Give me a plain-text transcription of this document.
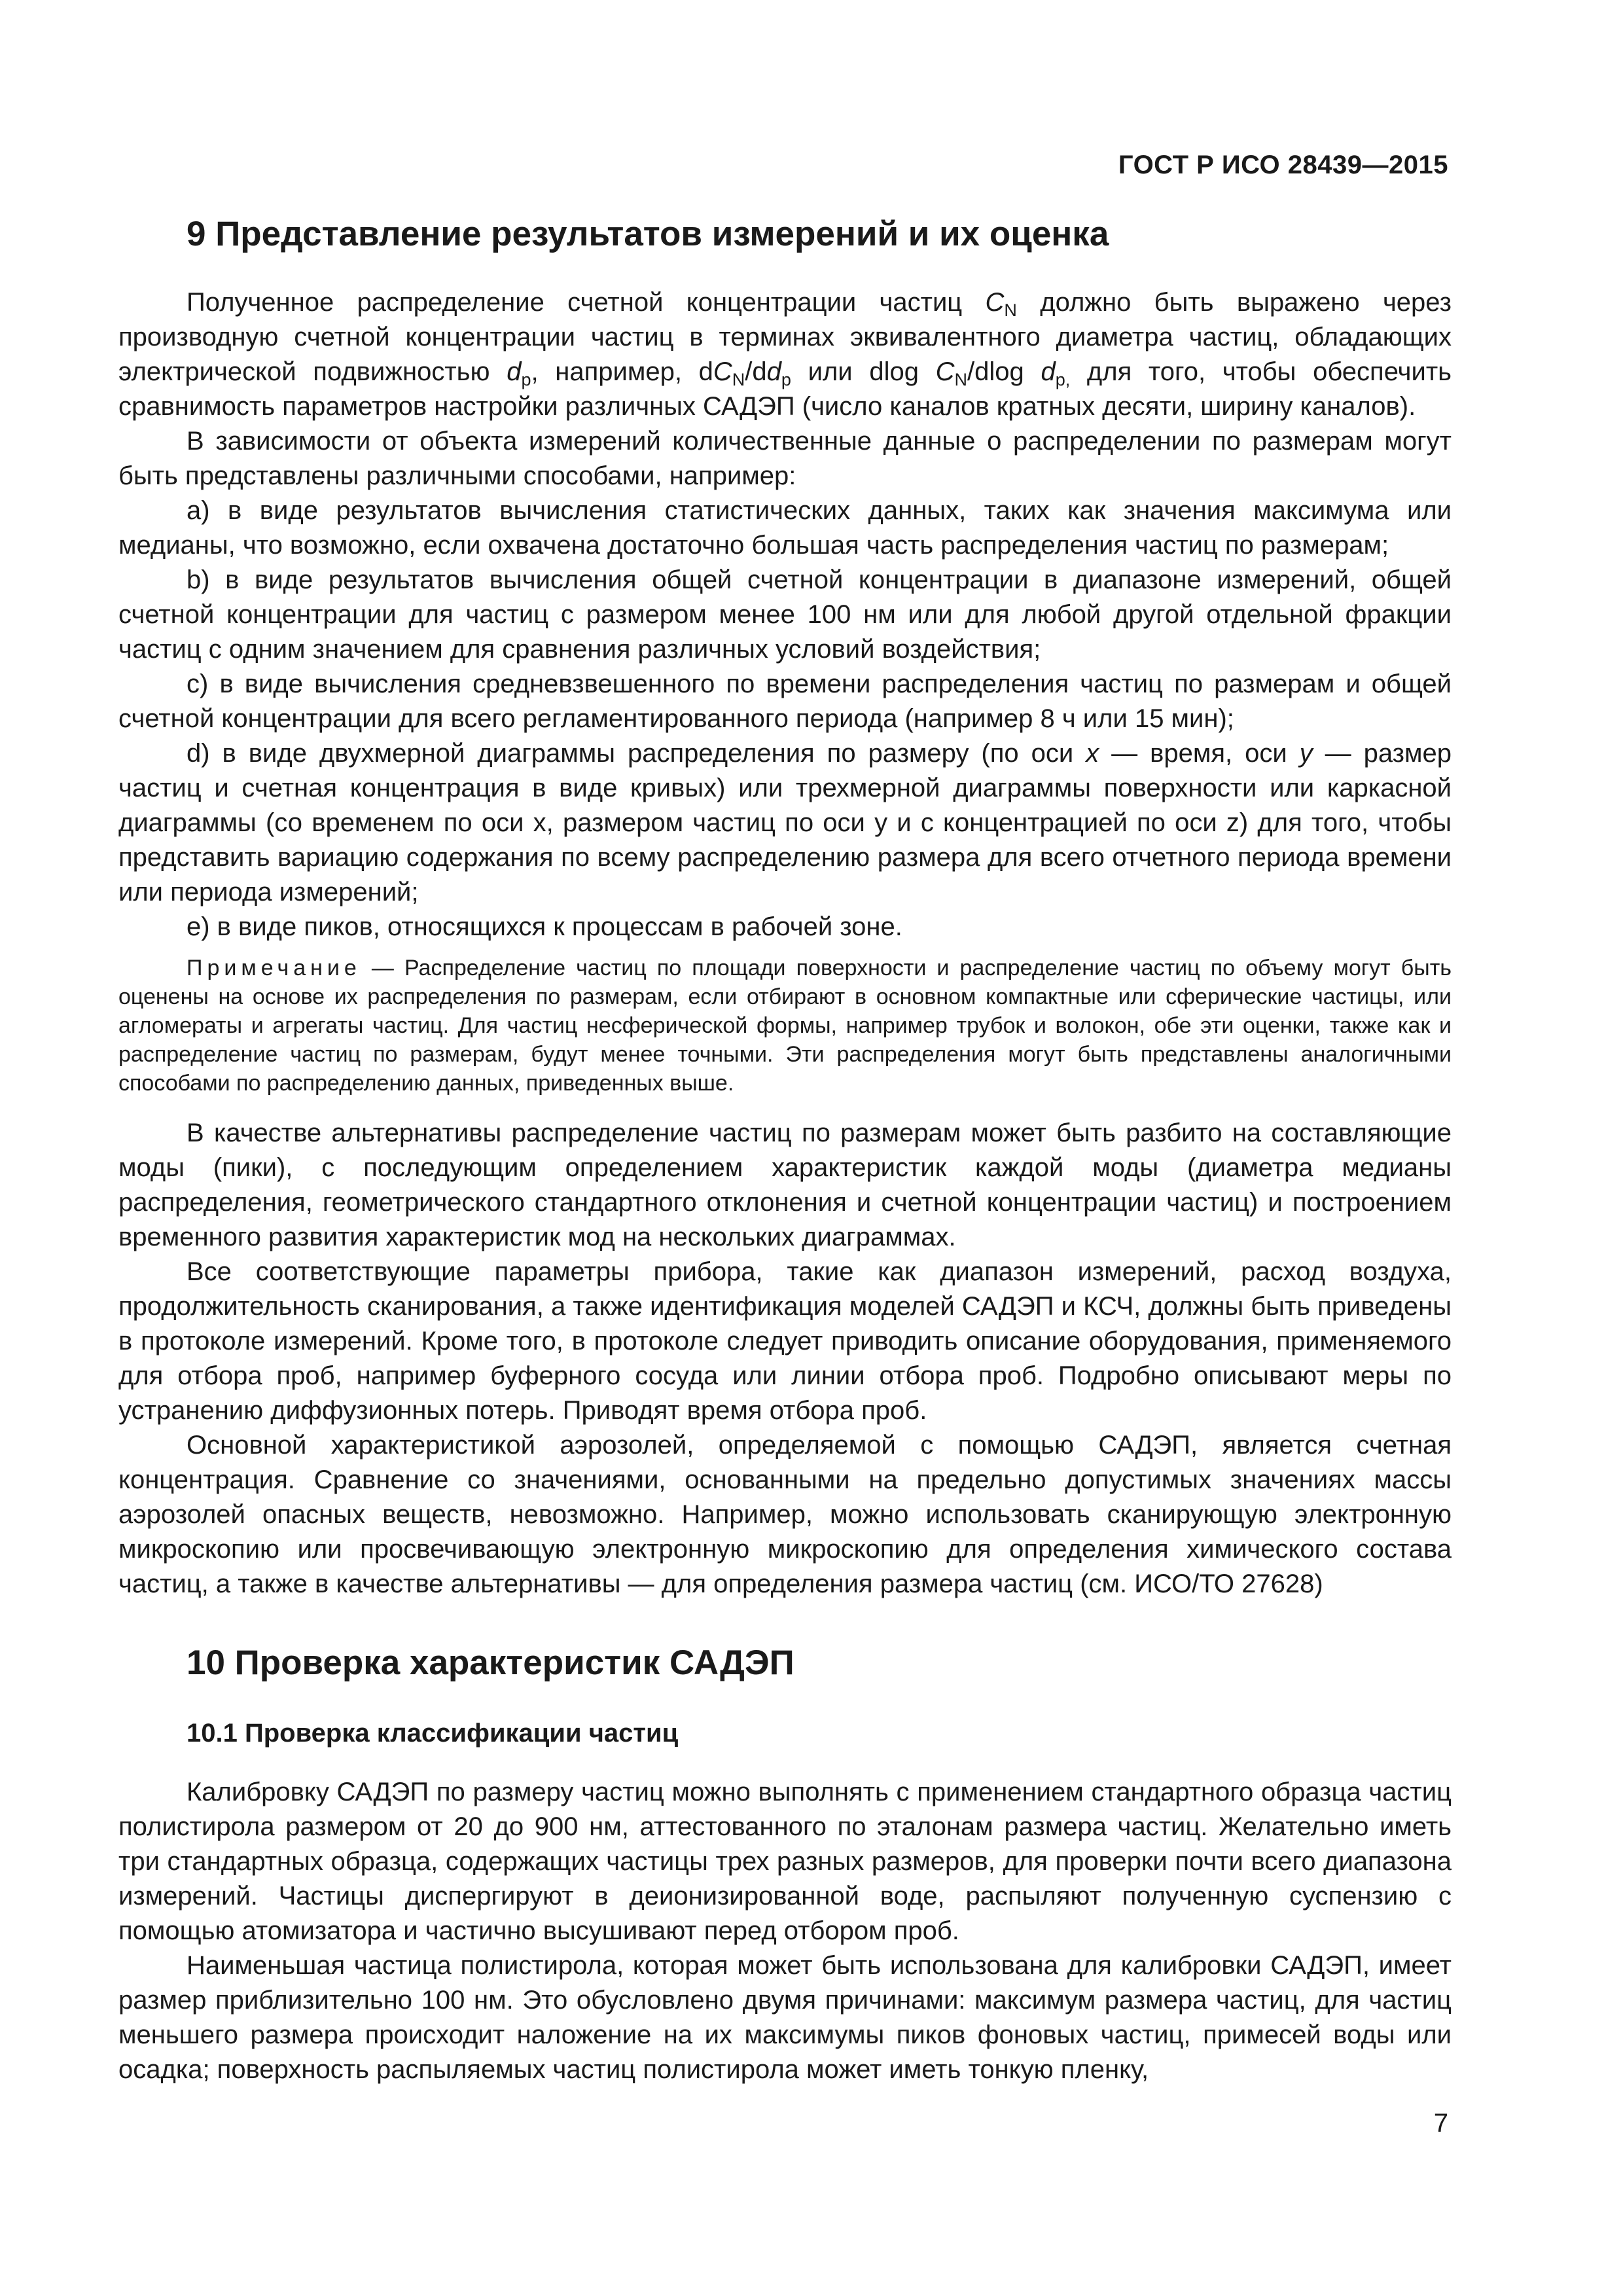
ГОСТ Р ИСО 28439—2015
9 Представление результатов измерений и их оценка

Полученное распределение счетной концентрации частиц $C_N$ должно быть выражено через производную счетной концентрации частиц в терминах эквивалентного диаметра частиц, обладающих электрической подвижностью $d_p$, например, $dC_N/dd_p$ или dlog $C_N$/dlog $d_{p,}$ для того, чтобы обеспечить сравнимость параметров настройки различных САДЭП (число каналов кратных десяти, ширину каналов).

В зависимости от объекта измерений количественные данные о распределении по размерам могут быть представлены различными способами, например:

а) в виде результатов вычисления статистических данных, таких как значения максимума или медианы, что возможно, если охвачена достаточно большая часть распределения частиц по размерам;

b) в виде результатов вычисления общей счетной концентрации в диапазоне измерений, общей счетной концентрации для частиц с размером менее 100 нм или для любой другой отдельной фракции частиц с одним значением для сравнения различных условий воздействия;

с) в виде вычисления средневзвешенного по времени распределения частиц по размерам и общей счетной концентрации для всего регламентированного периода (например 8 ч или 15 мин);

d) в виде двухмерной диаграммы распределения по размеру (по оси х — время, оси у — размер частиц и счетная концентрация в виде кривых) или трехмерной диаграммы поверхности или каркасной диаграммы (со временем по оси х, размером частиц по оси у и с концентрацией по оси z) для того, чтобы представить вариацию содержания по всему распределению размера для всего отчетного периода времени или периода измерений;

е) в виде пиков, относящихся к процессам в рабочей зоне.

Примечание — Распределение частиц по площади поверхности и распределение частиц по объему могут быть оценены на основе их распределения по размерам, если отбирают в основном компактные или сферические частицы, или агломераты и агрегаты частиц. Для частиц несферической формы, например трубок и волокон, обе эти оценки, также как и распределение частиц по размерам, будут менее точными. Эти распределения могут быть представлены аналогичными способами по распределению данных, приведенных выше.

В качестве альтернативы распределение частиц по размерам может быть разбито на составляющие моды (пики), с последующим определением характеристик каждой моды (диаметра медианы распределения, геометрического стандартного отклонения и счетной концентрации частиц) и построением временного развития характеристик мод на нескольких диаграммах.

Все соответствующие параметры прибора, такие как диапазон измерений, расход воздуха, продолжительность сканирования, а также идентификация моделей САДЭП и КСЧ, должны быть приведены в протоколе измерений. Кроме того, в протоколе следует приводить описание оборудования, применяемого для отбора проб, например буферного сосуда или линии отбора проб. Подробно описывают меры по устранению диффузионных потерь. Приводят время отбора проб.

Основной характеристикой аэрозолей, определяемой с помощью САДЭП, является счетная концентрация. Сравнение со значениями, основанными на предельно допустимых значениях массы аэрозолей опасных веществ, невозможно. Например, можно использовать сканирующую электронную микроскопию или просвечивающую электронную микроскопию для определения химического состава частиц, а также в качестве альтернативы — для определения размера частиц (см. ИСО/ТО 27628)

10 Проверка характеристик САДЭП
10.1 Проверка классификации частиц

Калибровку САДЭП по размеру частиц можно выполнять с применением стандартного образца частиц полистирола размером от 20 до 900 нм, аттестованного по эталонам размера частиц. Желательно иметь три стандартных образца, содержащих частицы трех разных размеров, для проверки почти всего диапазона измерений. Частицы диспергируют в деионизированной воде, распыляют полученную суспензию с помощью атомизатора и частично высушивают перед отбором проб.

Наименьшая частица полистирола, которая может быть использована для калибровки САДЭП, имеет размер приблизительно 100 нм. Это обусловлено двумя причинами: максимум размера частиц, для частиц меньшего размера происходит наложение на их максимумы пиков фоновых частиц, примесей воды или осадка; поверхность распыляемых частиц полистирола может иметь тонкую пленку,

7
